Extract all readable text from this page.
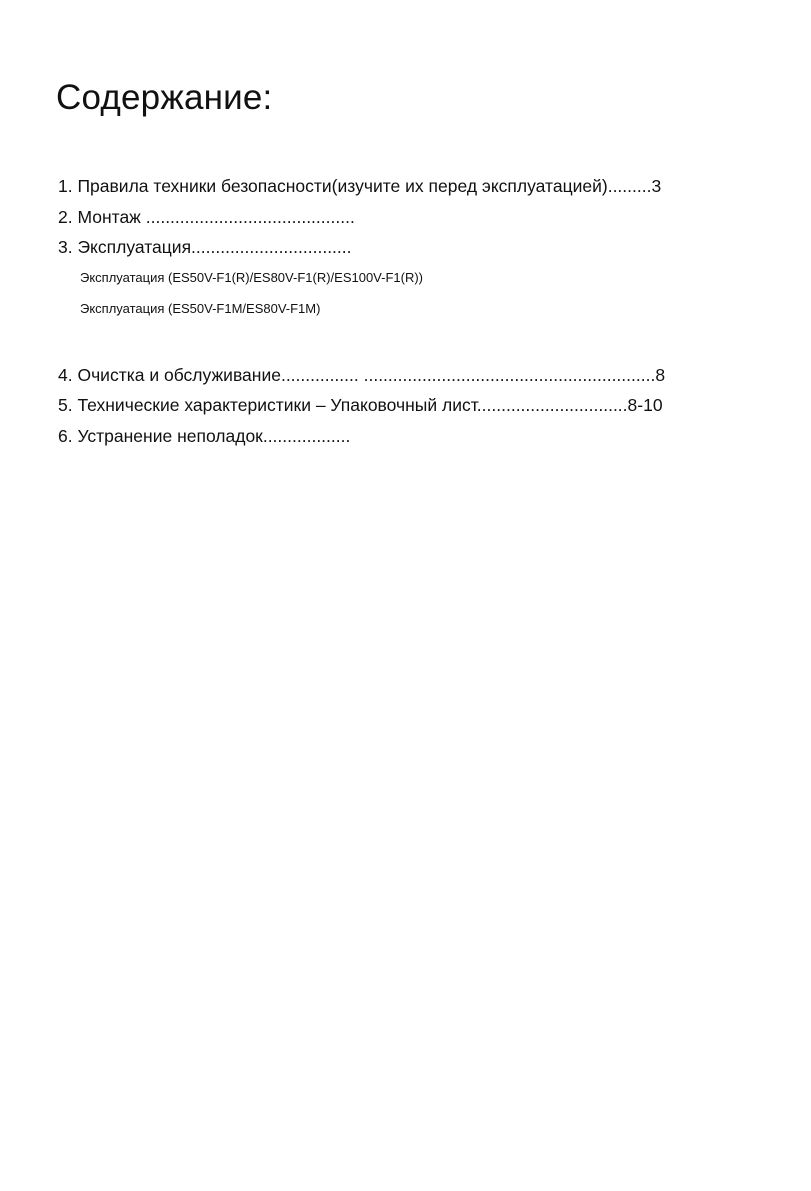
Содержание:
1. Правила техники безопасности(изучите их перед эксплуатацией).........3
2. Монтаж ...........................................
3. Эксплуатация.................................
Эксплуатация (ES50V-F1(R)/ES80V-F1(R)/ES100V-F1(R))
Эксплуатация (ES50V-F1M/ES80V-F1M)
4. Очистка и обслуживание................ ............................................................8
5. Технические характеристики – Упаковочный лист...............................8-10
6. Устранение неполадок..................
